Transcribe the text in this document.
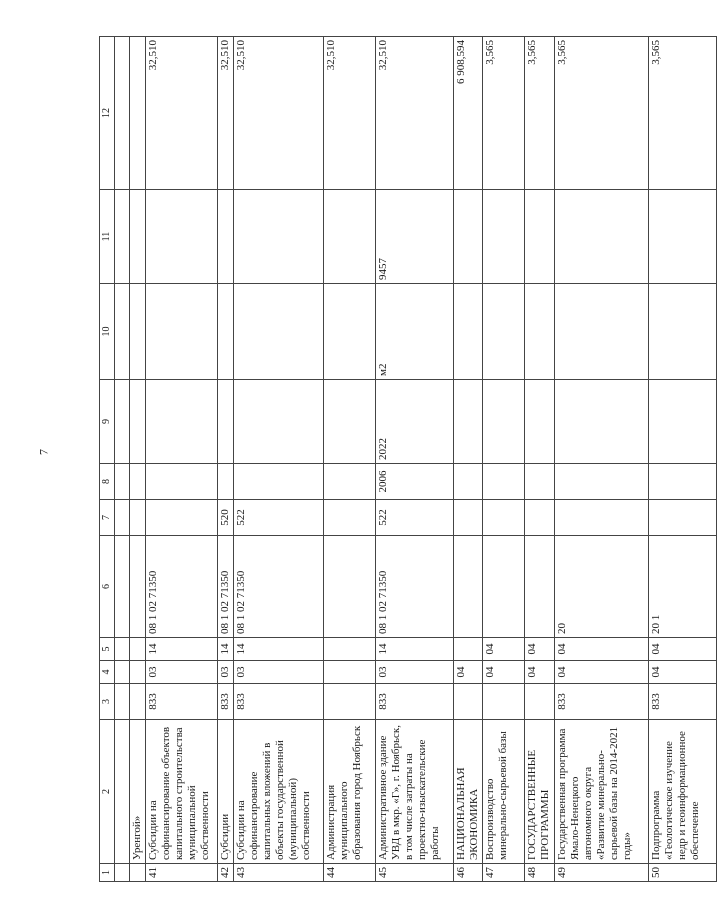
7
1	2	3	4	5	6	7	8	9	10	11	12

	Уренгой»										
41	Субсидии на софинансирование объектов капитального строительства муниципальной собственности	833	03	14	08 1 02 71350						32,510
42	Субсидии	833	03	14	08 1 02 71350	520					32,510
43	Субсидии на софинансирование капитальных вложений в объекты государственной (муниципальной) собственности	833	03	14	08 1 02 71350	522					32,510
44	Администрация муниципального образования город Ноябрьск										32,510
45	Административное здание УВД в мкр. «Г», г. Ноябрьск, в том числе затраты на проектно-изыскательские работы	833	03	14	08 1 02 71350	522	2006	2022	м2	9457	32,510
46	НАЦИОНАЛЬНАЯ ЭКОНОМИКА		04								6 908,594
47	Воспроизводство минерально-сырьевой базы		04	04							3,565
48	ГОСУДАРСТВЕННЫЕ ПРОГРАММЫ		04	04							3,565
49	Государственная программа Ямало-Ненецкого автономного округа «Развитие минерально-сырьевой базы на 2014-2021 годы»	833	04	04	20						3,565
50	Подпрограмма «Геологическое изучение недр и геоинформационное обеспечение	833	04	04	20 1						3,565
